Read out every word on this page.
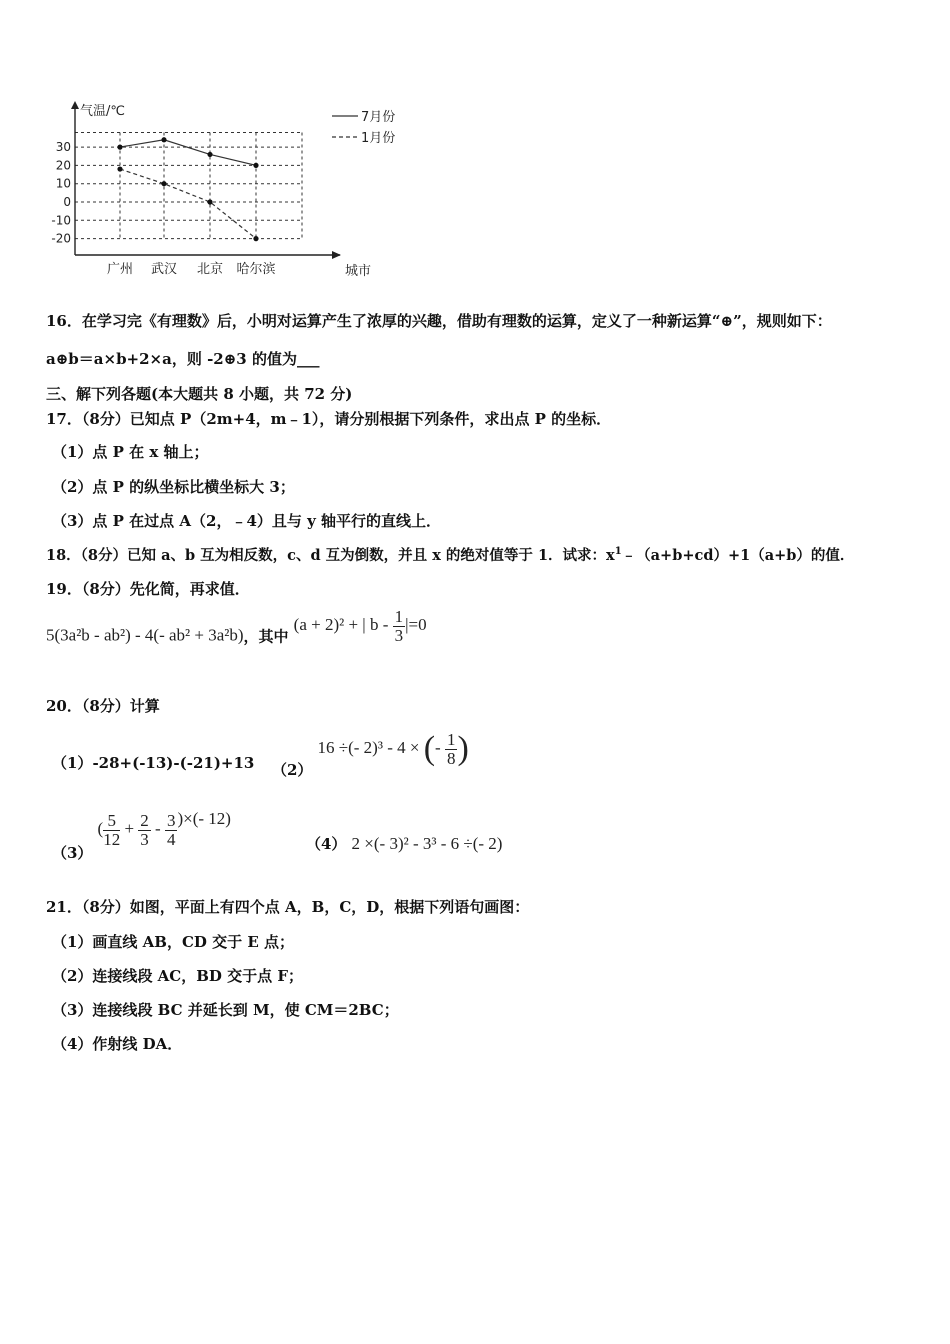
气温/℃
30
20
10
0
-10
-20
广州 武汉 北京 哈尔滨	城市
7月份
1月份
16．在学习完《有理数》后，小明对运算产生了浓厚的兴趣，借助有理数的运算，定义了一种新运算“⊕”，规则如下：
a⊕b＝a×b+2×a，则 -2⊕3 的值为___
三、解下列各题(本大题共 8 小题，共 72 分)
17．（8分）已知点 P（2m+4，m﹣1），请分别根据下列条件，求出点 P 的坐标．
（1）点 P 在 x 轴上；
（2）点 P 的纵坐标比横坐标大 3；
（3）点 P 在过点 A（2，﹣4）且与 y 轴平行的直线上．
18．（8分）已知 a、b 互为相反数，c、d 互为倒数，并且 x 的绝对值等于 1．试求：$x^1﹣(a+b+cd)+1(a+b)$的值．
19．（8分）先化简，再求值．
5(3a²b - ab²) - 4(- ab² + 3a²b)，其中 (a + 2)² + | $b - \frac{1}{3} |=0$
20．（8分）计算
（1）-28+(-13)-(-21)+13 （2） 16 ÷(- 2)³ - 4 × (- $\frac{1}{8}$ )
（3） ( $\frac{5}{12} + \frac{2}{3} - \frac{3}{4}$ )×(- 12)
（4） 2 ×(- 3)² - 3³ - 6 ÷(- 2)
21．（8分）如图，平面上有四个点 A，B，C，D，根据下列语句画图：
（1）画直线 AB，CD 交于 E 点；
（2）连接线段 AC，BD 交于点 F；
（3）连接线段 BC 并延长到 M，使 CM＝2BC；
（4）作射线 DA．
